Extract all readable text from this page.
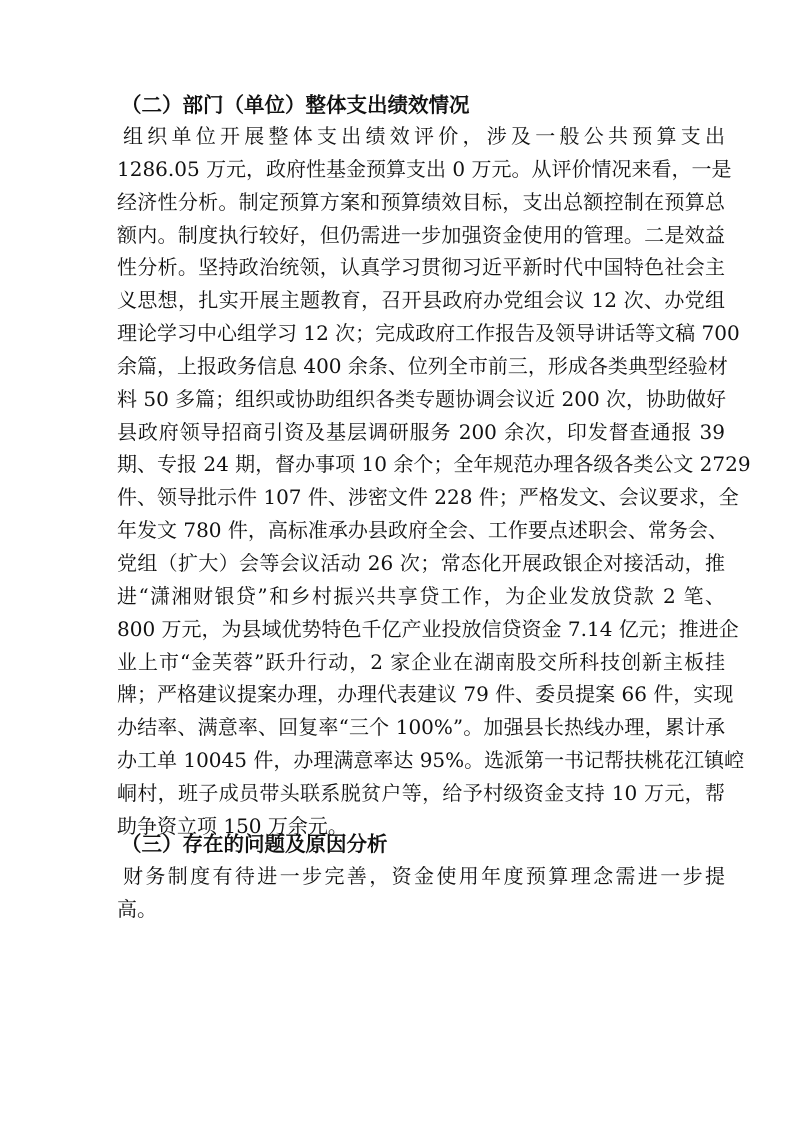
（二）部门（单位）整体支出绩效情况
组织单位开展整体支出绩效评价，涉及一般公共预算支出
1286.05 万元，政府性基金预算支出 0 万元。从评价情况来看，一是
经济性分析。制定预算方案和预算绩效目标，支出总额控制在预算总
额内。制度执行较好，但仍需进一步加强资金使用的管理。二是效益
性分析。坚持政治统领，认真学习贯彻习近平新时代中国特色社会主
义思想，扎实开展主题教育，召开县政府办党组会议 12 次、办党组
理论学习中心组学习 12 次；完成政府工作报告及领导讲话等文稿 700
余篇，上报政务信息 400 余条、位列全市前三，形成各类典型经验材
料 50 多篇；组织或协助组织各类专题协调会议近 200 次，协助做好
县政府领导招商引资及基层调研服务 200 余次，印发督查通报 39
期、专报 24 期，督办事项 10 余个；全年规范办理各级各类公文 2729
件、领导批示件 107 件、涉密文件 228 件；严格发文、会议要求，全
年发文 780 件，高标准承办县政府全会、工作要点述职会、常务会、
党组（扩大）会等会议活动 26 次；常态化开展政银企对接活动，推
进“潇湘财银贷”和乡村振兴共享贷工作，为企业发放贷款 2 笔、
800 万元，为县域优势特色千亿产业投放信贷资金 7.14 亿元；推进企
业上市“金芙蓉”跃升行动，2 家企业在湖南股交所科技创新主板挂
牌；严格建议提案办理，办理代表建议 79 件、委员提案 66 件，实现
办结率、满意率、回复率“三个 100%”。加强县长热线办理，累计承
办工单 10045 件，办理满意率达 95%。选派第一书记帮扶桃花江镇崆
峒村，班子成员带头联系脱贫户等，给予村级资金支持 10 万元，帮
助争资立项 150 万余元。
（三）存在的问题及原因分析
财务制度有待进一步完善，资金使用年度预算理念需进一步提
高。
